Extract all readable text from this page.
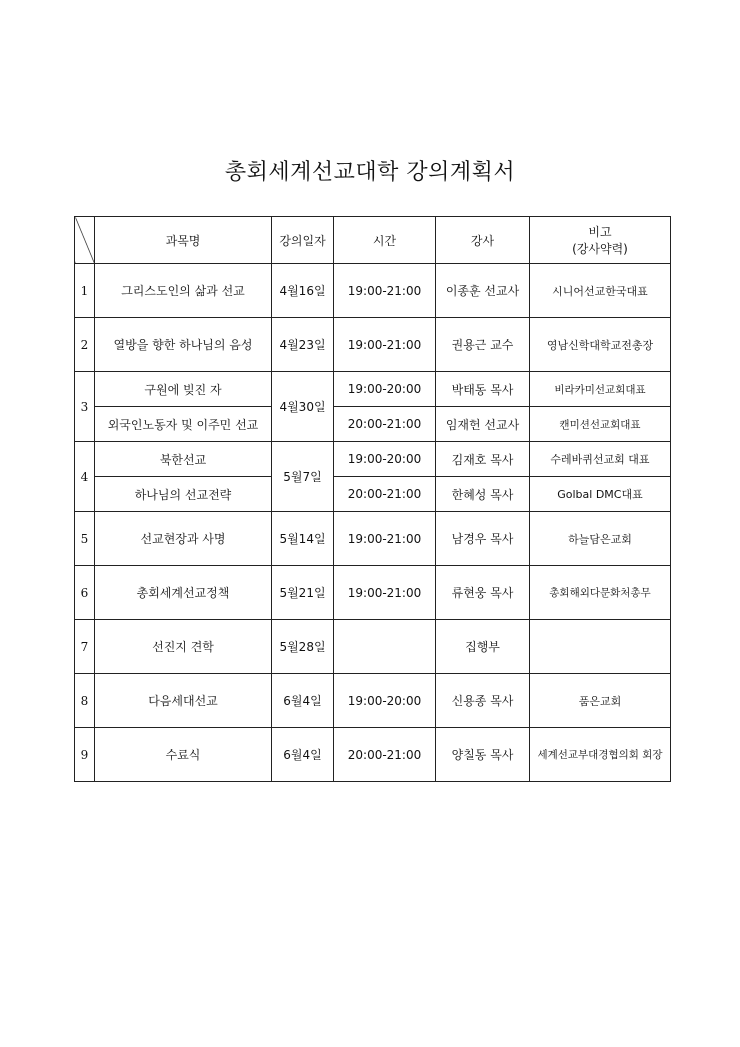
총회세계선교대학 강의계획서
	과목명	강의일자	시간	강사	비고
(강사약력)

1	그리스도인의 삶과 선교	4월16일	19:00-21:00	이종훈 선교사	시니어선교한국대표
2	열방을 향한 하나님의 음성	4월23일	19:00-21:00	권용근 교수	영남신학대학교전총장
3	구원에 빚진 자	4월30일	19:00-20:00	박태동 목사	비라카미선교회대표
	외국인노동자 및 이주민 선교		20:00-21:00	임재헌 선교사	캔미션선교회대표
4	북한선교	5월7일	19:00-20:00	김재호 목사	수레바퀴선교회 대표
	하나님의 선교전략		20:00-21:00	한혜성 목사	Golbal DMC대표
5	선교현장과 사명	5월14일	19:00-21:00	남경우 목사	하늘담은교회
6	총회세계선교정책	5월21일	19:00-21:00	류현웅 목사	총회해외다문화처총무
7	선진지 견학	5월28일		집행부	
8	다음세대선교	6월4일	19:00-20:00	신용종 목사	품은교회
9	수료식	6월4일	20:00-21:00	양칠동 목사	세계선교부대경협의회 회장
